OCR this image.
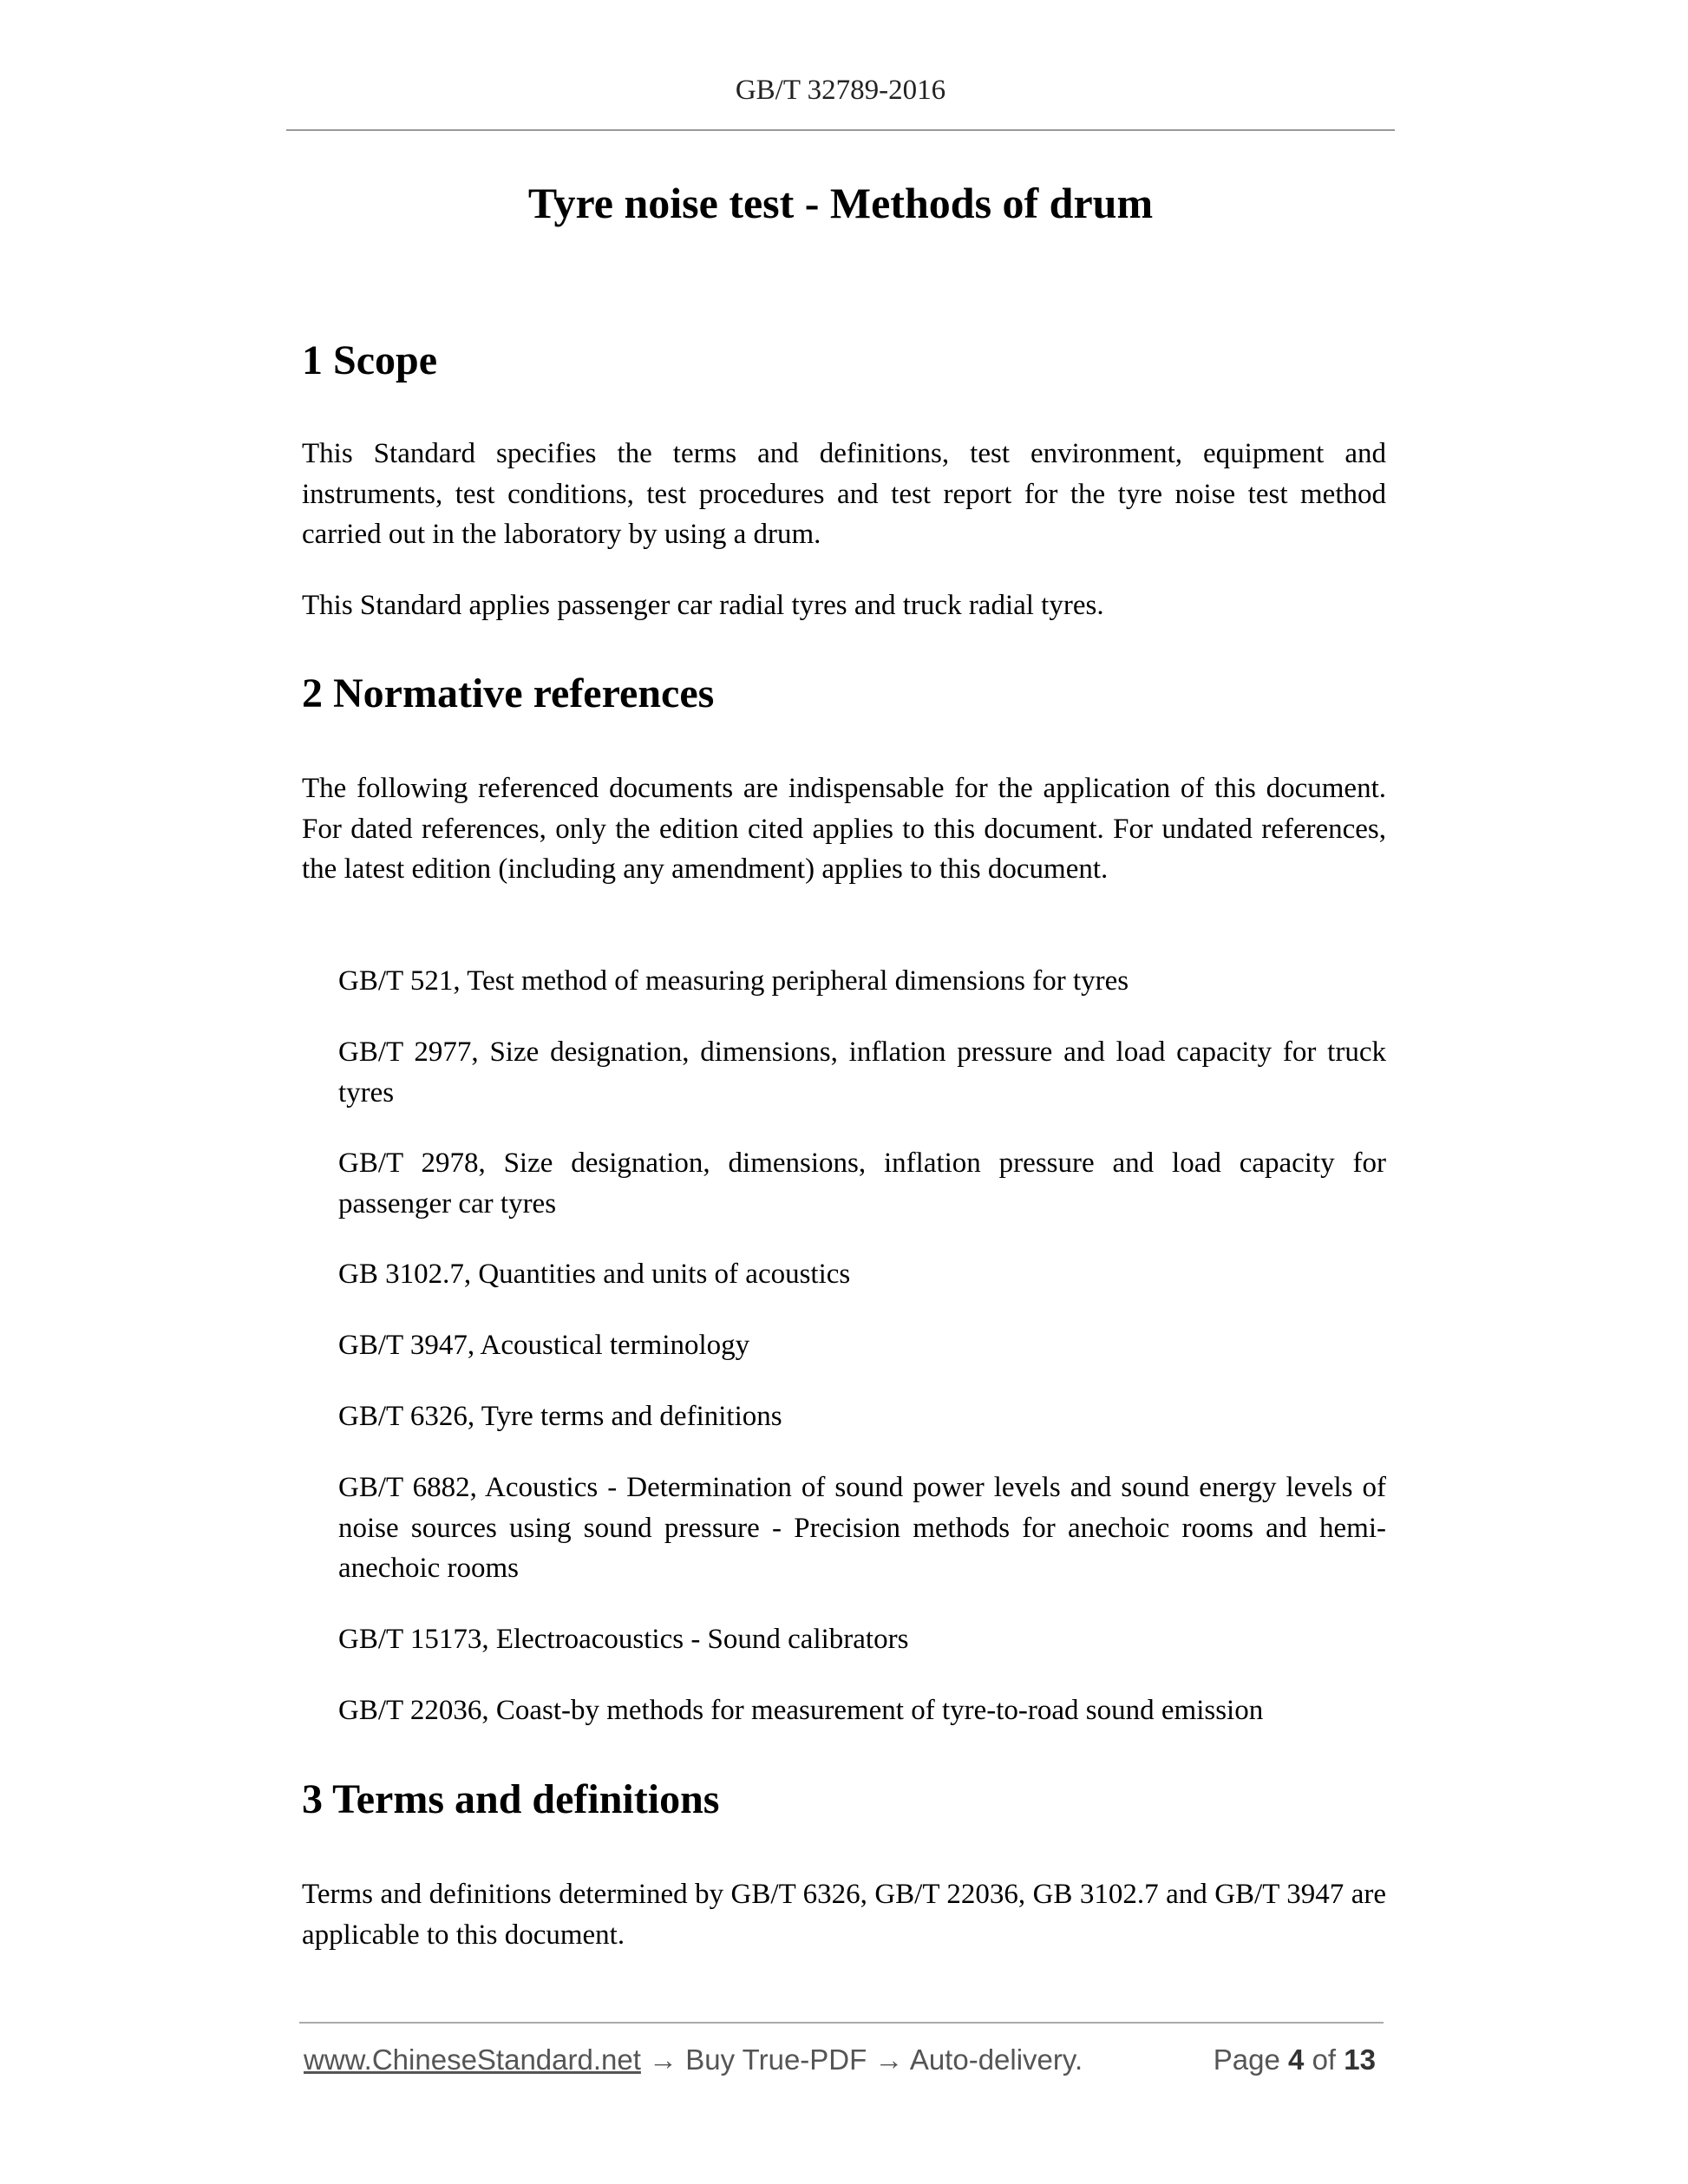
GB/T 32789-2016
Tyre noise test - Methods of drum
1 Scope
This Standard specifies the terms and definitions, test environment, equipment and instruments, test conditions, test procedures and test report for the tyre noise test method carried out in the laboratory by using a drum.
This Standard applies passenger car radial tyres and truck radial tyres.
2 Normative references
The following referenced documents are indispensable for the application of this document. For dated references, only the edition cited applies to this document. For undated references, the latest edition (including any amendment) applies to this document.
GB/T 521, Test method of measuring peripheral dimensions for tyres
GB/T 2977, Size designation, dimensions, inflation pressure and load capacity for truck tyres
GB/T 2978, Size designation, dimensions, inflation pressure and load capacity for passenger car tyres
GB 3102.7, Quantities and units of acoustics
GB/T 3947, Acoustical terminology
GB/T 6326, Tyre terms and definitions
GB/T 6882, Acoustics - Determination of sound power levels and sound energy levels of noise sources using sound pressure - Precision methods for anechoic rooms and hemi-anechoic rooms
GB/T 15173, Electroacoustics - Sound calibrators
GB/T 22036, Coast-by methods for measurement of tyre-to-road sound emission
3 Terms and definitions
Terms and definitions determined by GB/T 6326, GB/T 22036, GB 3102.7 and GB/T 3947 are applicable to this document.
www.ChineseStandard.net → Buy True-PDF → Auto-delivery.	Page 4 of 13
